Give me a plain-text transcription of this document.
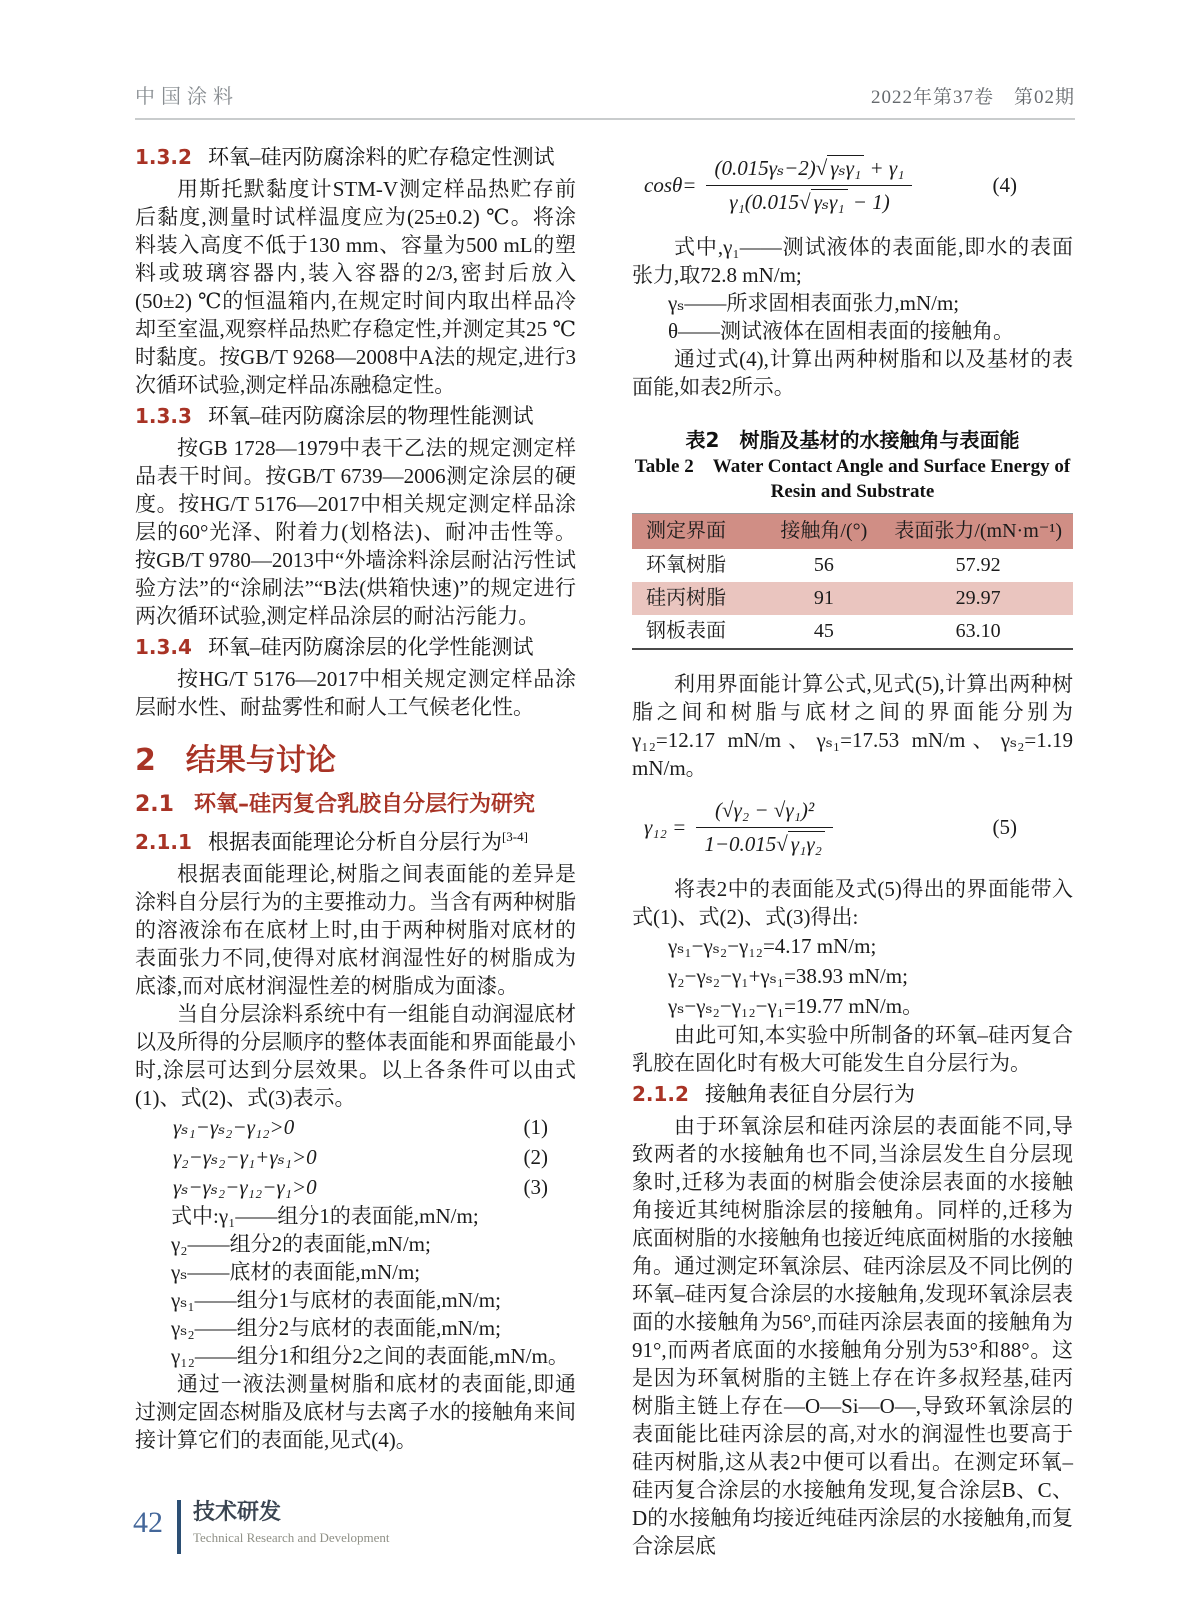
中国涂料	2022年第37卷　第02期
1.3.2 环氧–硅丙防腐涂料的贮存稳定性测试

用斯托默黏度计STM-V测定样品热贮存前后黏度,测量时试样温度应为(25±0.2) ℃。将涂料装入高度不低于130 mm、容量为500 mL的塑料或玻璃容器内,装入容器的2/3,密封后放入(50±2) ℃的恒温箱内,在规定时间内取出样品冷却至室温,观察样品热贮存稳定性,并测定其25 ℃时黏度。按GB/T 9268—2008中A法的规定,进行3次循环试验,测定样品冻融稳定性。

1.3.3 环氧–硅丙防腐涂层的物理性能测试

按GB 1728—1979中表干乙法的规定测定样品表干时间。按GB/T 6739—2006测定涂层的硬度。按HG/T 5176—2017中相关规定测定样品涂层的60°光泽、附着力(划格法)、耐冲击性等。按GB/T 9780—2013中“外墙涂料涂层耐沾污性试验方法”的“涂刷法”“B法(烘箱快速)”的规定进行两次循环试验,测定样品涂层的耐沾污能力。

1.3.4 环氧–硅丙防腐涂层的化学性能测试

按HG/T 5176—2017中相关规定测定样品涂层耐水性、耐盐雾性和耐人工气候老化性。

2 结果与讨论
2.1 环氧–硅丙复合乳胶自分层行为研究
2.1.1 根据表面能理论分析自分层行为[3-4]

根据表面能理论,树脂之间表面能的差异是涂料自分层行为的主要推动力。当含有两种树脂的溶液涂布在底材上时,由于两种树脂对底材的表面张力不同,使得对底材润湿性好的树脂成为底漆,而对底材润湿性差的树脂成为面漆。

当自分层涂料系统中有一组能自动润湿底材以及所得的分层顺序的整体表面能和界面能最小时,涂层可达到分层效果。以上各条件可以由式(1)、式(2)、式(3)表示。

γₛ₁−γₛ₂−γ₁₂>0	(1)
γ₂−γₛ₂−γ₁+γₛ₁>0	(2)
γₛ−γₛ₂−γ₁₂−γ₁>0	(3)
式中:γ₁——组分1的表面能,mN/m;
γ₂——组分2的表面能,mN/m;
γₛ——底材的表面能,mN/m;
γₛ₁——组分1与底材的表面能,mN/m;
γₛ₂——组分2与底材的表面能,mN/m;
γ₁₂——组分1和组分2之间的表面能,mN/m。

通过一液法测量树脂和底材的表面能,即通过测定固态树脂及底材与去离子水的接触角来间接计算它们的表面能,见式(4)。

$\cos\theta= \frac{\text{(0.015γₛ−2)√ γₛγ₁ + γ₁}}{\text{γ₁(0.015√ γₛγ₁ − 1)}}$	(4)

式中,γ₁——测试液体的表面能,即水的表面张力,取72.8 mN/m;

γₛ——所求固相表面张力,mN/m;
θ——测试液体在固相表面的接触角。

通过式(4),计算出两种树脂和以及基材的表面能,如表2所示。

表2　树脂及基材的水接触角与表面能
Table 2　Water Contact Angle and Surface Energy of
Resin and Substrate
测定界面	接触角/(°)	表面张力/(mN·m⁻¹)
环氧树脂	56	57.92
硅丙树脂	91	29.97
钢板表面	45	63.10

利用界面能计算公式,见式(5),计算出两种树脂之间和树脂与底材之间的界面能分别为γ₁₂=12.17 mN/m、γₛ₁=17.53 mN/m、γₛ₂=1.19 mN/m。

$\gamma_{12} = \frac{\text{(√γ₂ − √γ₁)²}}{\text{1−0.015√ γ₁γ₂}}$	(5)

将表2中的表面能及式(5)得出的界面能带入式(1)、式(2)、式(3)得出:

γₛ₁−γₛ₂−γ₁₂=4.17 mN/m;
γ₂−γₛ₂−γ₁+γₛ₁=38.93 mN/m;
γₛ−γₛ₂−γ₁₂−γ₁=19.77 mN/m。

由此可知,本实验中所制备的环氧–硅丙复合乳胶在固化时有极大可能发生自分层行为。

2.1.2 接触角表征自分层行为

由于环氧涂层和硅丙涂层的表面能不同,导致两者的水接触角也不同,当涂层发生自分层现象时,迁移为表面的树脂会使涂层表面的水接触角接近其纯树脂涂层的接触角。同样的,迁移为底面树脂的水接触角也接近纯底面树脂的水接触角。通过测定环氧涂层、硅丙涂层及不同比例的环氧–硅丙复合涂层的水接触角,发现环氧涂层表面的水接触角为56°,而硅丙涂层表面的接触角为91°,而两者底面的水接触角分别为53°和88°。这是因为环氧树脂的主链上存在许多叔羟基,硅丙树脂主链上存在—O—Si—O—,导致环氧涂层的表面能比硅丙涂层的高,对水的润湿性也要高于硅丙树脂,这从表2中便可以看出。在测定环氧–硅丙复合涂层的水接触角发现,复合涂层B、C、D的水接触角均接近纯硅丙涂层的水接触角,而复合涂层底

42 技术研发
Technical Research and Development
